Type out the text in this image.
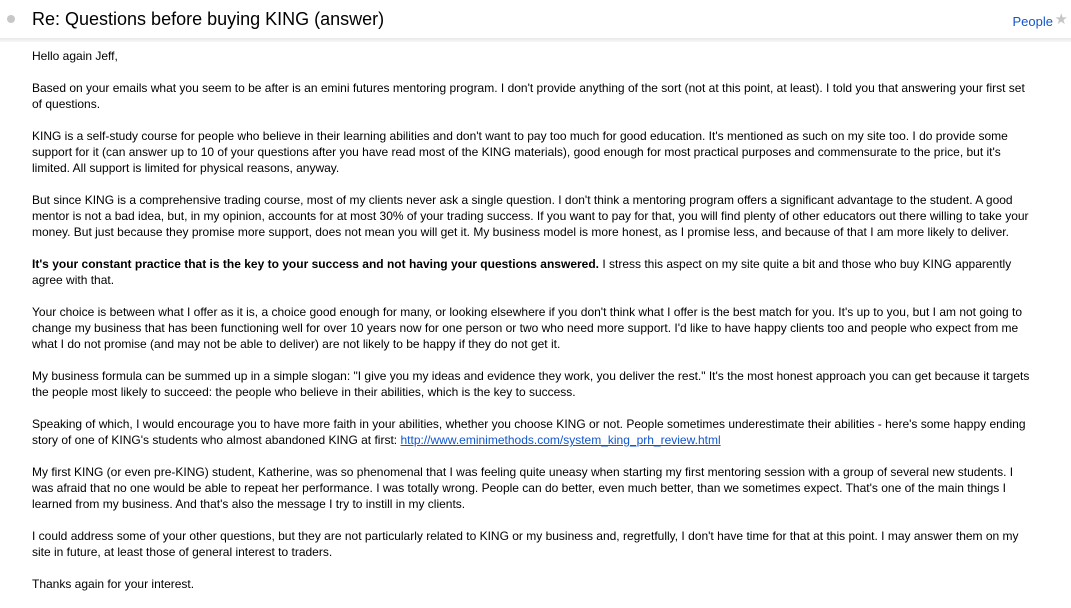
Re: Questions before buying KING (answer)	People ★

Hello again Jeff,

Based on your emails what you seem to be after is an emini futures mentoring program. I don't provide anything of the sort (not at this point, at least). I told you that answering your first set of questions.

KING is a self-study course for people who believe in their learning abilities and don't want to pay too much for good education. It's mentioned as such on my site too. I do provide some support for it (can answer up to 10 of your questions after you have read most of the KING materials), good enough for most practical purposes and commensurate to the price, but it's limited. All support is limited for physical reasons, anyway.

But since KING is a comprehensive trading course, most of my clients never ask a single question. I don't think a mentoring program offers a significant advantage to the student. A good mentor is not a bad idea, but, in my opinion, accounts for at most 30% of your trading success. If you want to pay for that, you will find plenty of other educators out there willing to take your money. But just because they promise more support, does not mean you will get it. My business model is more honest, as I promise less, and because of that I am more likely to deliver.

It's your constant practice that is the key to your success and not having your questions answered. I stress this aspect on my site quite a bit and those who buy KING apparently agree with that.

Your choice is between what I offer as it is, a choice good enough for many, or looking elsewhere if you don't think what I offer is the best match for you. It's up to you, but I am not going to change my business that has been functioning well for over 10 years now for one person or two who need more support. I'd like to have happy clients too and people who expect from me what I do not promise (and may not be able to deliver) are not likely to be happy if they do not get it.

My business formula can be summed up in a simple slogan: "I give you my ideas and evidence they work, you deliver the rest." It's the most honest approach you can get because it targets the people most likely to succeed: the people who believe in their abilities, which is the key to success.

Speaking of which, I would encourage you to have more faith in your abilities, whether you choose KING or not. People sometimes underestimate their abilities - here's some happy ending story of one of KING's students who almost abandoned KING at first: http://www.eminimethods.com/system_king_prh_review.html

My first KING (or even pre-KING) student, Katherine, was so phenomenal that I was feeling quite uneasy when starting my first mentoring session with a group of several new students. I was afraid that no one would be able to repeat her performance. I was totally wrong. People can do better, even much better, than we sometimes expect. That's one of the main things I learned from my business. And that's also the message I try to instill in my clients.

I could address some of your other questions, but they are not particularly related to KING or my business and, regretfully, I don't have time for that at this point. I may answer them on my site in future, at least those of general interest to traders.

Thanks again for your interest.
